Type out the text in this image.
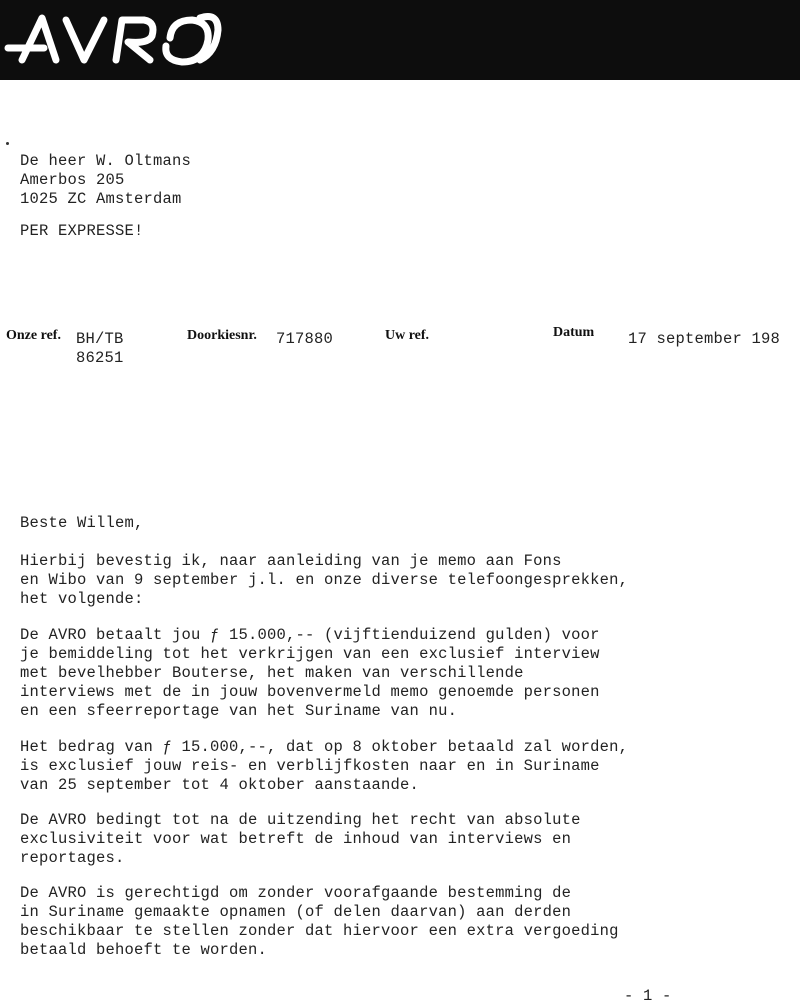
De heer W. Oltmans
Amerbos 205
1025 ZC Amsterdam
PER EXPRESSE!
Onze ref. BH/TB
86251
Doorkiesnr. 717880	Uw ref.	Datum 17 september 198
Beste Willem,
Hierbij bevestig ik, naar aanleiding van je memo aan Fons
en Wibo van 9 september j.l. en onze diverse telefoongesprekken,
het volgende:
De AVRO betaalt jou ƒ 15.000,-- (vijftienduizend gulden) voor
je bemiddeling tot het verkrijgen van een exclusief interview
met bevelhebber Bouterse, het maken van verschillende
interviews met de in jouw bovenvermeld memo genoemde personen
en een sfeerreportage van het Suriname van nu.
Het bedrag van ƒ 15.000,--, dat op 8 oktober betaald zal worden,
is exclusief jouw reis- en verblijfkosten naar en in Suriname
van 25 september tot 4 oktober aanstaande.
De AVRO bedingt tot na de uitzending het recht van absolute
exclusiviteit voor wat betreft de inhoud van interviews en
reportages.
De AVRO is gerechtigd om zonder voorafgaande bestemming de
in Suriname gemaakte opnamen (of delen daarvan) aan derden
beschikbaar te stellen zonder dat hiervoor een extra vergoeding
betaald behoeft te worden.
- 1 -
